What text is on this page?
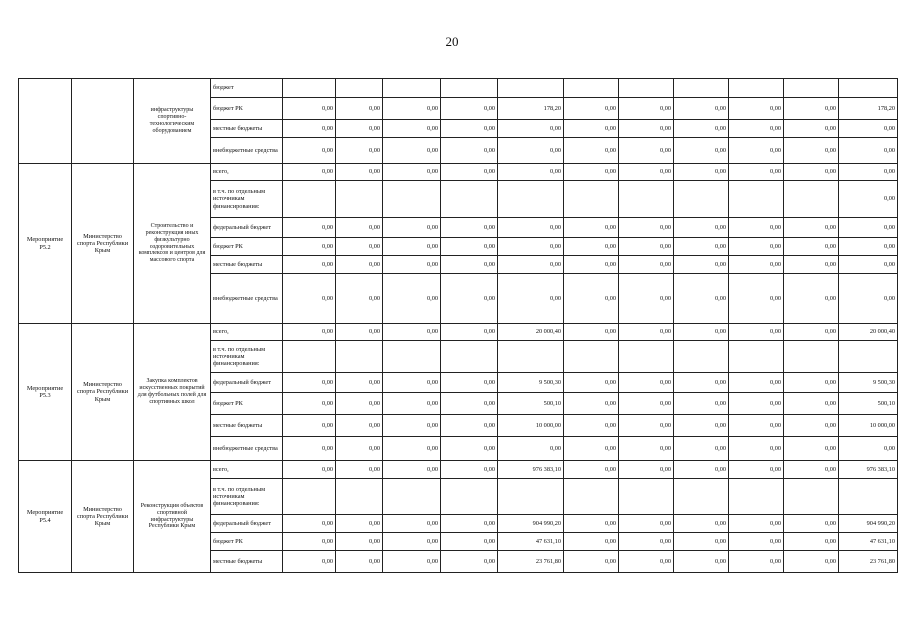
20
		инфраструктуры спортивно-технологическим оборудованием	бюджет												
			бюджет РК	0,00	0,00	0,00	0,00	178,20	0,00	0,00	0,00	0,00	0,00	178,20	
			местные бюджеты	0,00	0,00	0,00	0,00	0,00	0,00	0,00	0,00	0,00	0,00	0,00	
			внебюджетные средства	0,00	0,00	0,00	0,00	0,00	0,00	0,00	0,00	0,00	0,00	0,00	
Мероприятие P5.2	Министерство спорта Республики Крым	Строительство и реконструкция иных физкультурно оздоровительных комплексов и центров для массового спорта	всего,	0,00	0,00	0,00	0,00	0,00	0,00	0,00	0,00	0,00	0,00	0,00	
			в т.ч. по отдельным источникам финансирования:											0,00	
			федеральный бюджет	0,00	0,00	0,00	0,00	0,00	0,00	0,00	0,00	0,00	0,00	0,00	
			бюджет РК	0,00	0,00	0,00	0,00	0,00	0,00	0,00	0,00	0,00	0,00	0,00	
			местные бюджеты	0,00	0,00	0,00	0,00	0,00	0,00	0,00	0,00	0,00	0,00	0,00	
			внебюджетные средства	0,00	0,00	0,00	0,00	0,00	0,00	0,00	0,00	0,00	0,00	0,00	
Мероприятие P5.3	Министерство спорта Республики Крым	Закупка комплектов искусственных покрытий для футбольных полей для спортивных школ	всего,	0,00	0,00	0,00	0,00	20 000,40	0,00	0,00	0,00	0,00	0,00	20 000,40	
			в т.ч. по отдельным источникам финансирования:												
			федеральный бюджет	0,00	0,00	0,00	0,00	9 500,30	0,00	0,00	0,00	0,00	0,00	9 500,30	
			бюджет РК	0,00	0,00	0,00	0,00	500,10	0,00	0,00	0,00	0,00	0,00	500,10	
			местные бюджеты	0,00	0,00	0,00	0,00	10 000,00	0,00	0,00	0,00	0,00	0,00	10 000,00	
			внебюджетные средства	0,00	0,00	0,00	0,00	0,00	0,00	0,00	0,00	0,00	0,00	0,00	
Мероприятие P5.4	Министерство спорта Республики Крым	Реконструкция объектов спортивной инфраструктуры Республики Крым	всего,	0,00	0,00	0,00	0,00	976 383,10	0,00	0,00	0,00	0,00	0,00	976 383,10	
			в т.ч. по отдельным источникам финансирования:												
			федеральный бюджет	0,00	0,00	0,00	0,00	904 990,20	0,00	0,00	0,00	0,00	0,00	904 990,20	
			бюджет РК	0,00	0,00	0,00	0,00	47 631,10	0,00	0,00	0,00	0,00	0,00	47 631,10	
			местные бюджеты	0,00	0,00	0,00	0,00	23 761,80	0,00	0,00	0,00	0,00	0,00	23 761,80	
